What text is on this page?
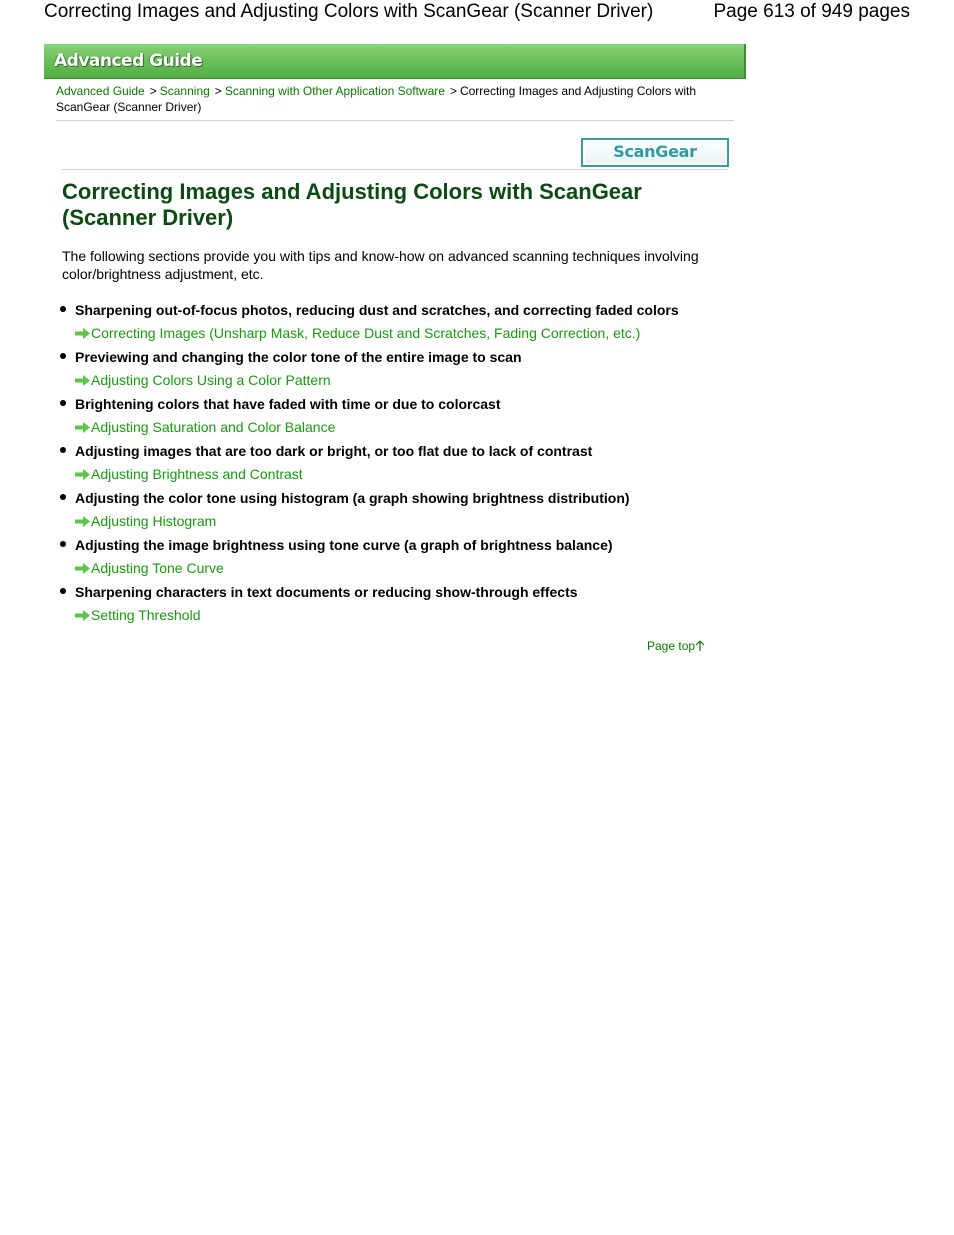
Correcting Images and Adjusting Colors with ScanGear (Scanner Driver)	Page 613 of 949 pages
Advanced Guide
Advanced Guide > Scanning > Scanning with Other Application Software > Correcting Images and Adjusting Colors with ScanGear (Scanner Driver)
ScanGear
Correcting Images and Adjusting Colors with ScanGear (Scanner Driver)

The following sections provide you with tips and know-how on advanced scanning techniques involving color/brightness adjustment, etc.

Sharpening out-of-focus photos, reducing dust and scratches, and correcting faded colors
Correcting Images (Unsharp Mask, Reduce Dust and Scratches, Fading Correction, etc.)
Previewing and changing the color tone of the entire image to scan
Adjusting Colors Using a Color Pattern
Brightening colors that have faded with time or due to colorcast
Adjusting Saturation and Color Balance
Adjusting images that are too dark or bright, or too flat due to lack of contrast
Adjusting Brightness and Contrast
Adjusting the color tone using histogram (a graph showing brightness distribution)
Adjusting Histogram
Adjusting the image brightness using tone curve (a graph of brightness balance)
Adjusting Tone Curve
Sharpening characters in text documents or reducing show-through effects
Setting Threshold
Page top
